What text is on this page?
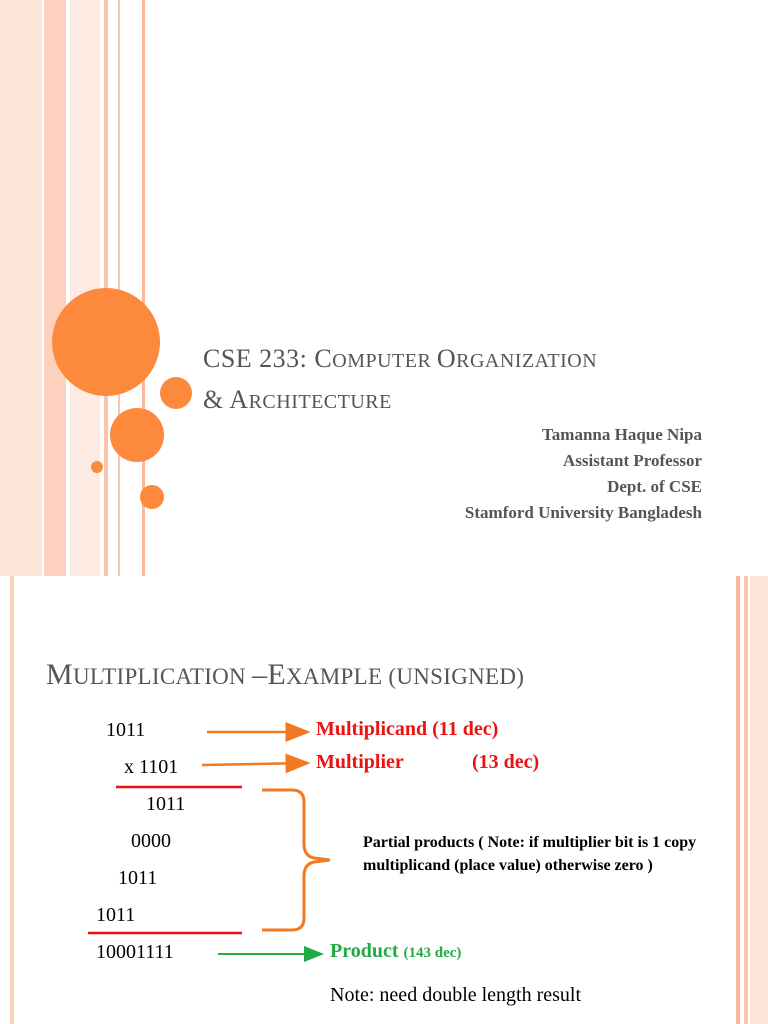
CSE 233: COMPUTER ORGANIZATION
& ARCHITECTURE
Tamanna Haque Nipa
Assistant Professor
Dept. of CSE
Stamford University Bangladesh
MULTIPLICATION –EXAMPLE (UNSIGNED)
1011
x 1101
1011
0000
1011
1011
10001111
Multiplicand (11 dec)
Multiplier	(13 dec)
Product (143 dec)
Partial products ( Note: if multiplier bit is 1 copy multiplicand (place value) otherwise zero )
Note: need double length result
